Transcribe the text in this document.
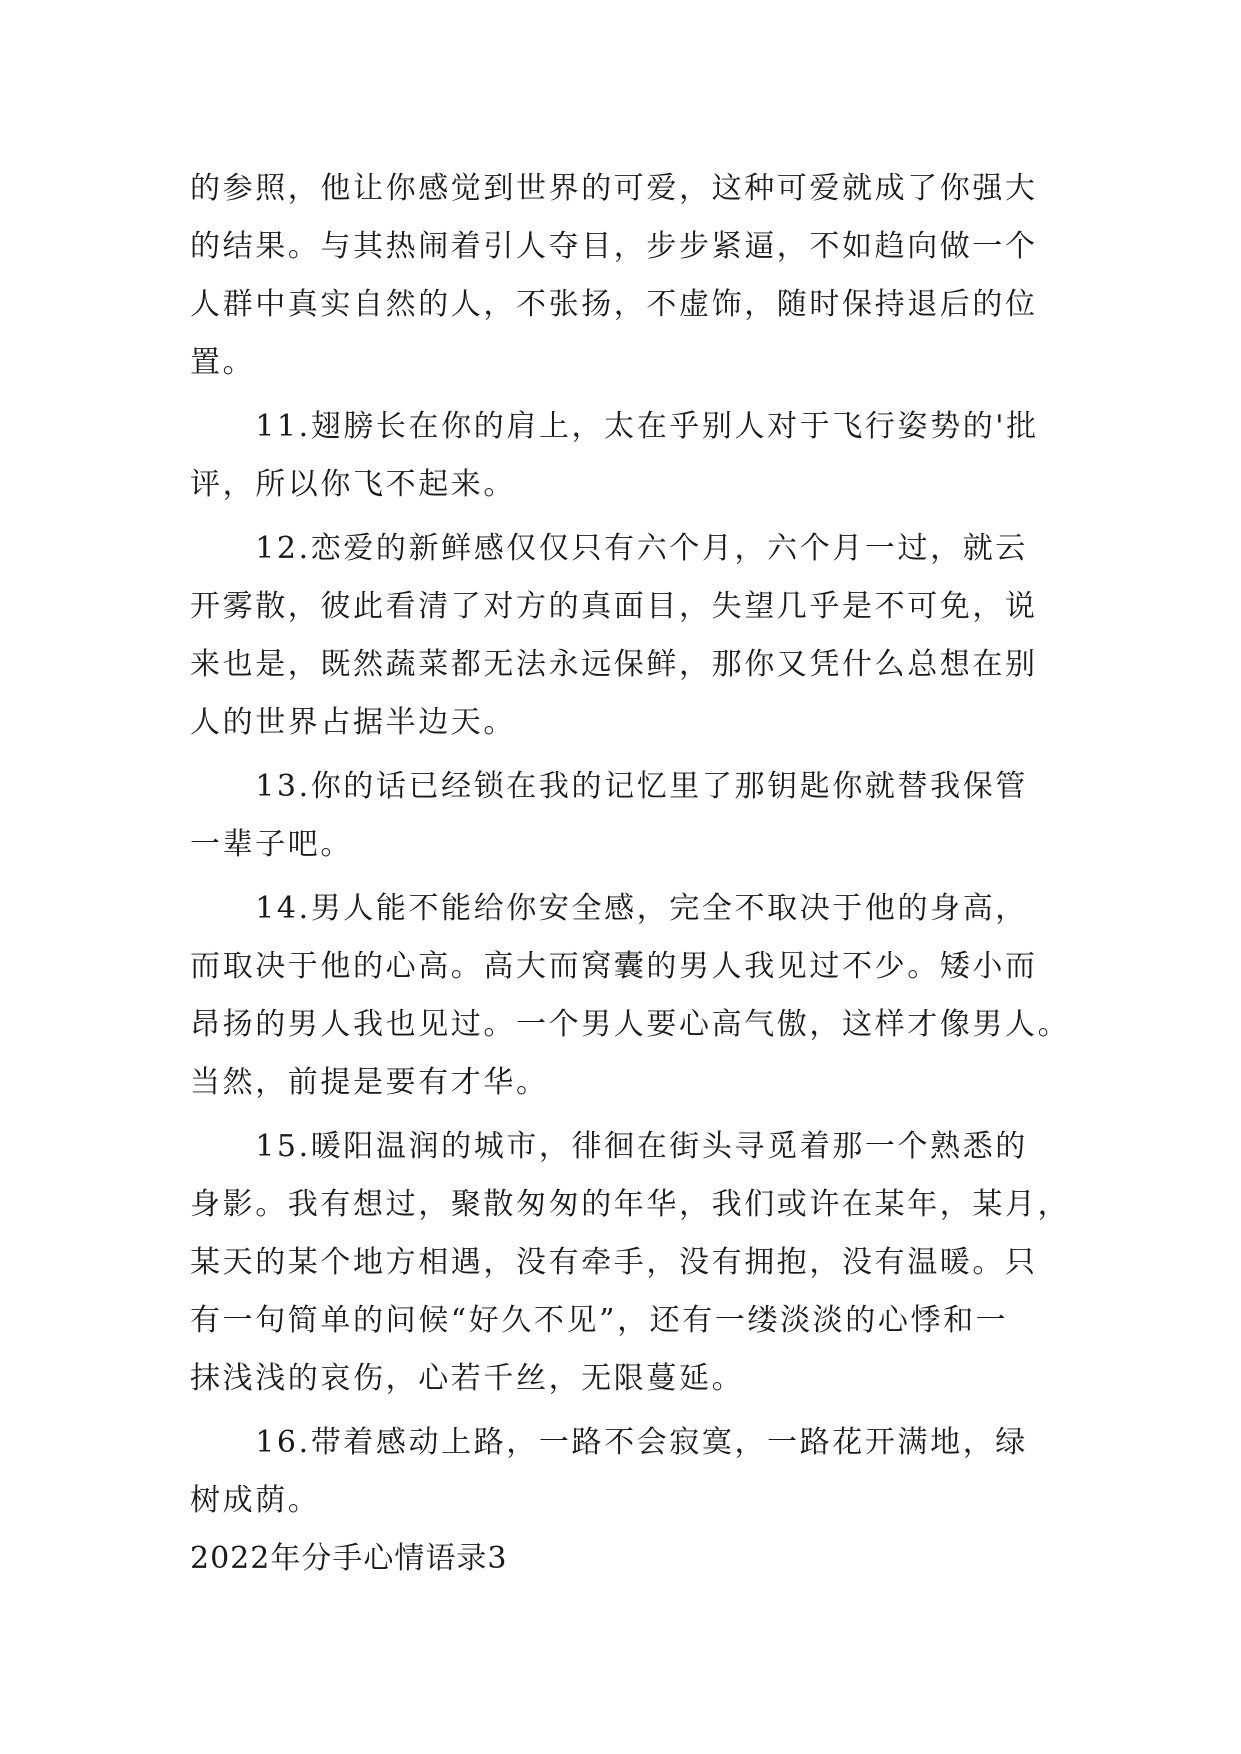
的参照，他让你感觉到世界的可爱，这种可爱就成了你强大
的结果。与其热闹着引人夺目，步步紧逼，不如趋向做一个
人群中真实自然的人，不张扬，不虚饰，随时保持退后的位
置。
　　11.翅膀长在你的肩上，太在乎别人对于飞行姿势的'批
评，所以你飞不起来。
　　12.恋爱的新鲜感仅仅只有六个月，六个月一过，就云
开雾散，彼此看清了对方的真面目，失望几乎是不可免，说
来也是，既然蔬菜都无法永远保鲜，那你又凭什么总想在别
人的世界占据半边天。
　　13.你的话已经锁在我的记忆里了那钥匙你就替我保管
一辈子吧。
　　14.男人能不能给你安全感，完全不取决于他的身高，
而取决于他的心高。高大而窝囊的男人我见过不少。矮小而
昂扬的男人我也见过。一个男人要心高气傲，这样才像男人。
当然，前提是要有才华。
　　15.暖阳温润的城市，徘徊在街头寻觅着那一个熟悉的
身影。我有想过，聚散匆匆的年华，我们或许在某年，某月，
某天的某个地方相遇，没有牵手，没有拥抱，没有温暖。只
有一句简单的问候“好久不见”，还有一缕淡淡的心悸和一
抹浅浅的哀伤，心若千丝，无限蔓延。
　　16.带着感动上路，一路不会寂寞，一路花开满地，绿
树成荫。
2022年分手心情语录3
